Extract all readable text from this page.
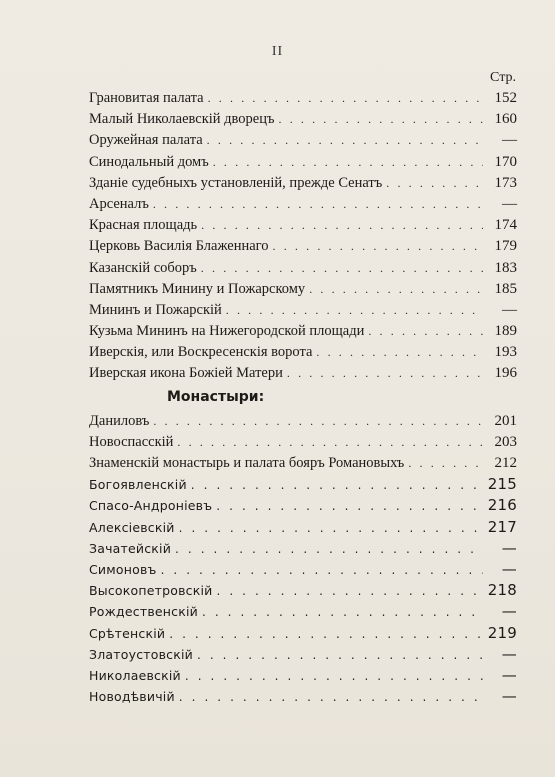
II
Стр.
Грановитая палата . . .	152
Малый Николаевскій дворецъ . . .	160
Оружейная палата . . .	—
Синодальный домъ . . .	170
Зданіе судебныхъ установленій, прежде Сенатъ . . .	173
Арсеналъ . . .	—
Красная площадь . . .	174
Церковь Василія Блаженнаго . . .	179
Казанскій соборъ . . .	183
Памятникъ Минину и Пожарскому . . .	185
Мининъ и Пожарскій . . .	—
Кузьма Мининъ на Нижегородской площади . . .	189
Иверскія, или Воскресенскія ворота . . .	193
Иверская икона Божіей Матери . . .	196
Монастыри:
Даниловъ . . .	201
Новоспасскій . . .	203
Знаменскій монастырь и палата бояръ Романовыхъ . . .	212
Богоявленскій . . .	215
Спасо-Андроніевъ . . .	216
Алексіевскій . . .	217
Зачатейскій . . .	—
Симоновъ . . .	—
Высокопетровскій . . .	218
Рождественскій . . .	—
Срѣтенскій . . .	219
Златоустовскій . . .	—
Николаевскій . . .	—
Новодѣвичій . . .	—
